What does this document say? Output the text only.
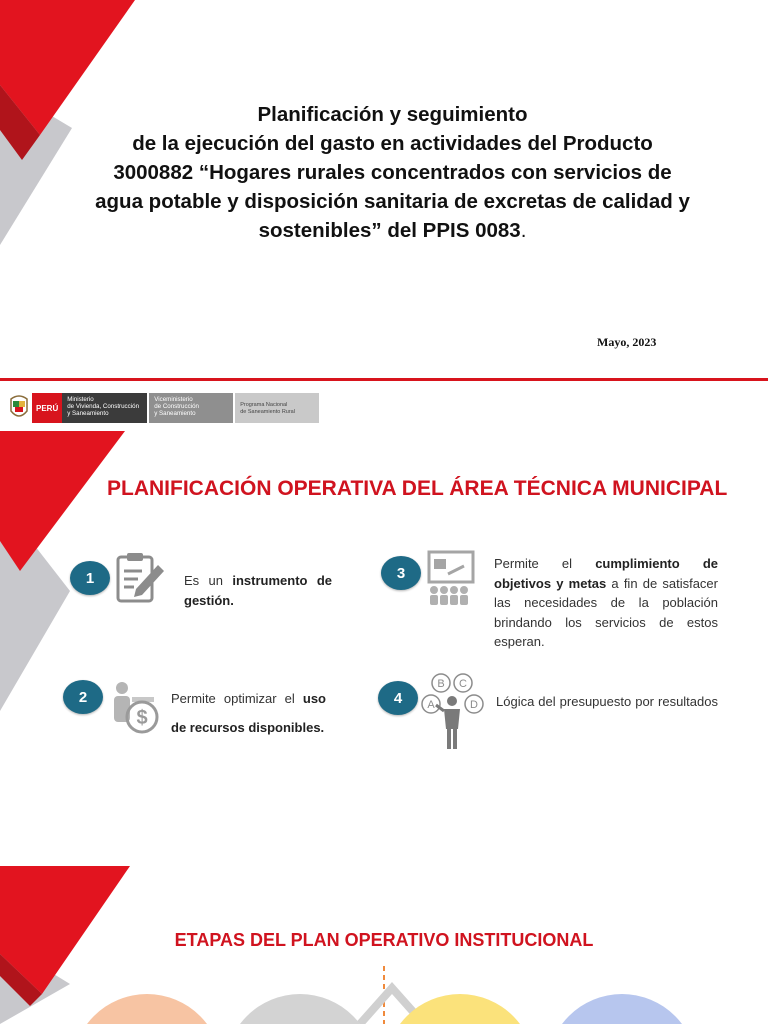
Planificación y seguimiento
de la ejecución del gasto en actividades del Producto
3000882 “Hogares rurales concentrados con servicios de
agua potable y disposición sanitaria de excretas de calidad y
sostenibles” del PPIS 0083.
Mayo, 2023
PERÚ
Ministerio
de Vivienda, Construcción
y Saneamiento
Viceministerio
de Construcción
y Saneamiento
Programa Nacional
de Saneamiento Rural
PLANIFICACIÓN OPERATIVA DEL ÁREA TÉCNICA MUNICIPAL
1	Es un instrumento de gestión.
2
$
Permite optimizar el uso de recursos disponibles.
3
Permite el cumplimiento de objetivos y metas a fin de satisfacer las necesidades de la población brindando los servicios de estos esperan.
4
B C
A	D Lógica del presupuesto por resultados
ETAPAS DEL PLAN OPERATIVO INSTITUCIONAL
